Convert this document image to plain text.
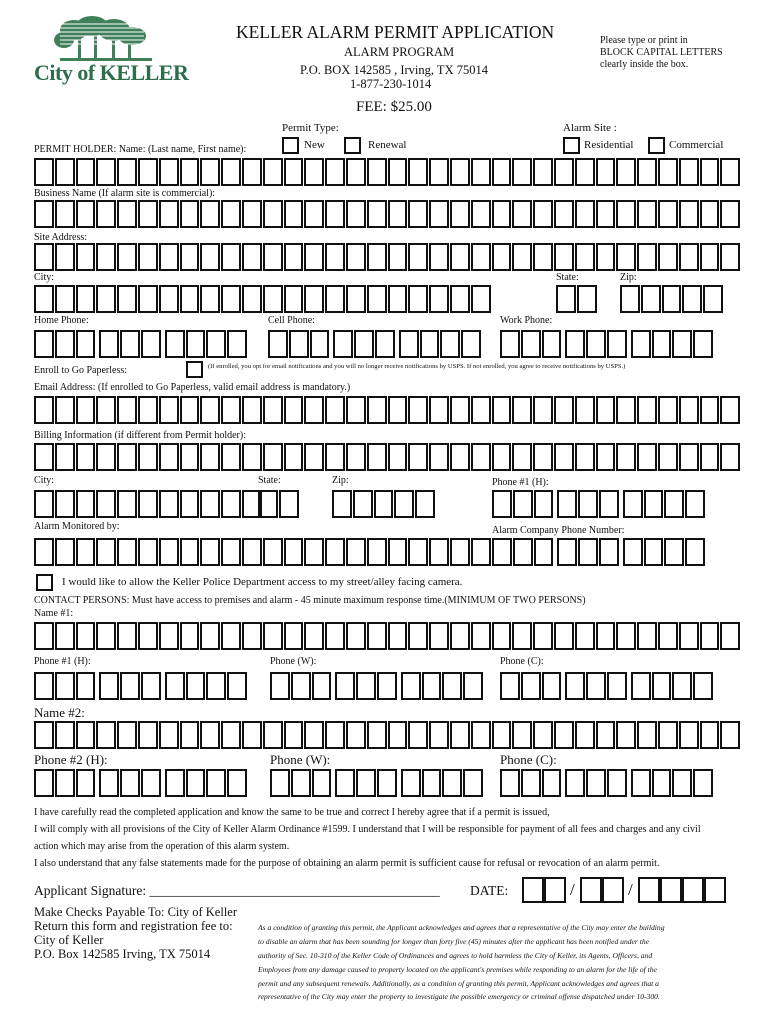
City of KELLER
KELLER ALARM PERMIT APPLICATION
ALARM PROGRAM
P.O. BOX 142585 , Irving, TX 75014
1-877-230-1014
Please type or print in
BLOCK CAPITAL LETTERS
clearly inside the box.
FEE: $25.00
Permit Type:
New	Renewal
Alarm Site :
Residential	Commercial
PERMIT HOLDER: Name: (Last name, First name):
Business Name (If alarm site is commercial):
Site Address:
City:	State:	Zip:
Home Phone:	Cell Phone:	Work Phone:
Enroll to Go Paperless:	(If enrolled, you opt for email notifications and you will no longer receive notifications by USPS. If not enrolled, you agree to receive notifications by USPS.)
Email Address: (If enrolled to Go Paperless, valid email address is mandatory.)
Billing Information (if different from Permit holder):
City:	State:	Zip:	Phone #1 (H):
Alarm Monitored by:	Alarm Company Phone Number:
I would like to allow the Keller Police Department access to my street/alley facing camera.
CONTACT PERSONS: Must have access to premises and alarm - 45 minute maximum response time.(MINIMUM OF TWO PERSONS)
Name #1:
Phone #1 (H):	Phone (W):	Phone (C):
Name #2:
Phone #2 (H):	Phone (W):	Phone (C):
I have carefully read the completed application and know the same to be true and correct I hereby agree that if a permit is issued,
I will comply with all provisions of the City of Keller Alarm Ordinance #1599. I understand that I will be responsible for payment of all fees and charges and any civil
action which may arise from the operation of this alarm system.
I also understand that any false statements made for the purpose of obtaining an alarm permit is sufficient cause for refusal or revocation of an alarm permit.
Applicant Signature: ___________________________________________ DATE:	/	/
Make Checks Payable To: City of Keller
Return this form and registration fee to:
City of Keller
P.O. Box 142585 Irving, TX 75014
As a condition of granting this permit, the Applicant acknowledges and agrees that a representative of the City may enter the building
to disable an alarm that has been sounding for longer than forty five (45) minutes after the applicant has been notified under the
authority of Sec. 10-310 of the Keller Code of Ordinances and agrees to hold harmless the City of Keller, its Agents, Officers, and
Employees from any damage caused to property located on the applicant's premises while responding to an alarm for the life of the
permit and any subsequent renewals. Additionally, as a condition of granting this permit, Applicant acknowledges and agrees that a
representative of the City may enter the property to investigate the possible emergency or criminal offense dispatched under 10-300.
